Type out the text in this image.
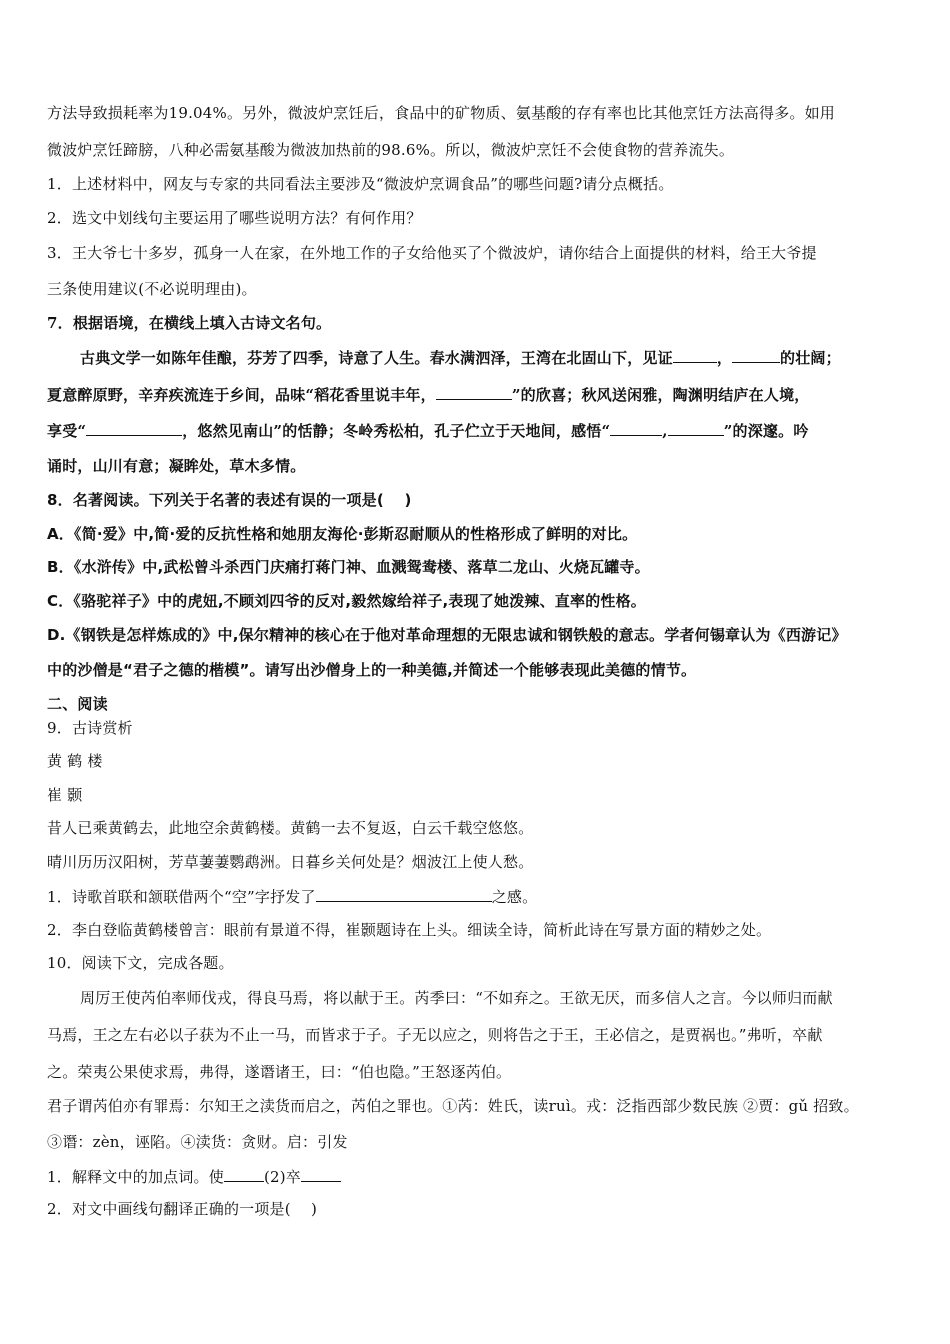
方法导致损耗率为19.04%。另外，微波炉烹饪后，食品中的矿物质、氨基酸的存有率也比其他烹饪方法高得多。如用
微波炉烹饪蹄膀，八种必需氨基酸为微波加热前的98.6%。所以，微波炉烹饪不会使食物的营养流失。
1．上述材料中，网友与专家的共同看法主要涉及“微波炉烹调食品”的哪些问题?请分点概括。
2．选文中划线句主要运用了哪些说明方法？有何作用？
3．王大爷七十多岁，孤身一人在家，在外地工作的子女给他买了个微波炉，请你结合上面提供的材料，给王大爷提
三条使用建议(不必说明理由)。
7．根据语境，在横线上填入古诗文名句。
古典文学一如陈年佳酿，芬芳了四季，诗意了人生。春水满泗泽，王湾在北固山下，见证	，	的壮阔；
夏意醉原野，辛弃疾流连于乡间，品味“稻花香里说丰年，	”的欣喜；秋风送闲雅，陶渊明结庐在人境，
享受“	，悠然见南山”的恬静；冬岭秀松柏，孔子伫立于天地间，感悟“	,	”的深邃。吟
诵时，山川有意；凝眸处，草木多情。
8．名著阅读。下列关于名著的表述有误的一项是(　 )
A．《简·爱》中,简·爱的反抗性格和她朋友海伦·彭斯忍耐顺从的性格形成了鲜明的对比。
B．《水浒传》中,武松曾斗杀西门庆痛打蒋门神、血溅鸳鸯楼、落草二龙山、火烧瓦罐寺。
C．《骆驼祥子》中的虎妞,不顾刘四爷的反对,毅然嫁给祥子,表现了她泼辣、直率的性格。
D.《钢铁是怎样炼成的》中,保尔精神的核心在于他对革命理想的无限忠诚和钢铁般的意志。学者何锡章认为《西游记》
中的沙僧是“君子之德的楷模”。请写出沙僧身上的一种美德,并简述一个能够表现此美德的情节。
二、阅读
9．古诗赏析
黄 鹤 楼
崔 颢
昔人已乘黄鹤去，此地空余黄鹤楼。黄鹤一去不复返，白云千载空悠悠。
晴川历历汉阳树，芳草萋萋鹦鹉洲。日暮乡关何处是？烟波江上使人愁。
1．诗歌首联和颔联借两个“空”字抒发了	之感。
2．李白登临黄鹤楼曾言：眼前有景道不得，崔颢题诗在上头。细读全诗，简析此诗在写景方面的精妙之处。
10．阅读下文，完成各题。
周厉王使芮伯率师伐戎，得良马焉，将以献于王。芮季曰：“不如弃之。王欲无厌，而多信人之言。今以师归而献
马焉，王之左右必以子获为不止一马，而皆求于子。子无以应之，则将告之于王，王必信之，是贾祸也。”弗听，卒献
之。荣夷公果使求焉，弗得，遂谮诸王，曰：“伯也隐。”王怒逐芮伯。
君子谓芮伯亦有罪焉：尔知王之渎货而启之，芮伯之罪也。①芮：姓氏，读ruì。戎：泛指西部少数民族 ②贾：gǔ 招致。
③谮：zèn，诬陷。④渎货：贪财。启：引发
1．解释文中的加点词。使	(2)卒
2．对文中画线句翻译正确的一项是(　 )
